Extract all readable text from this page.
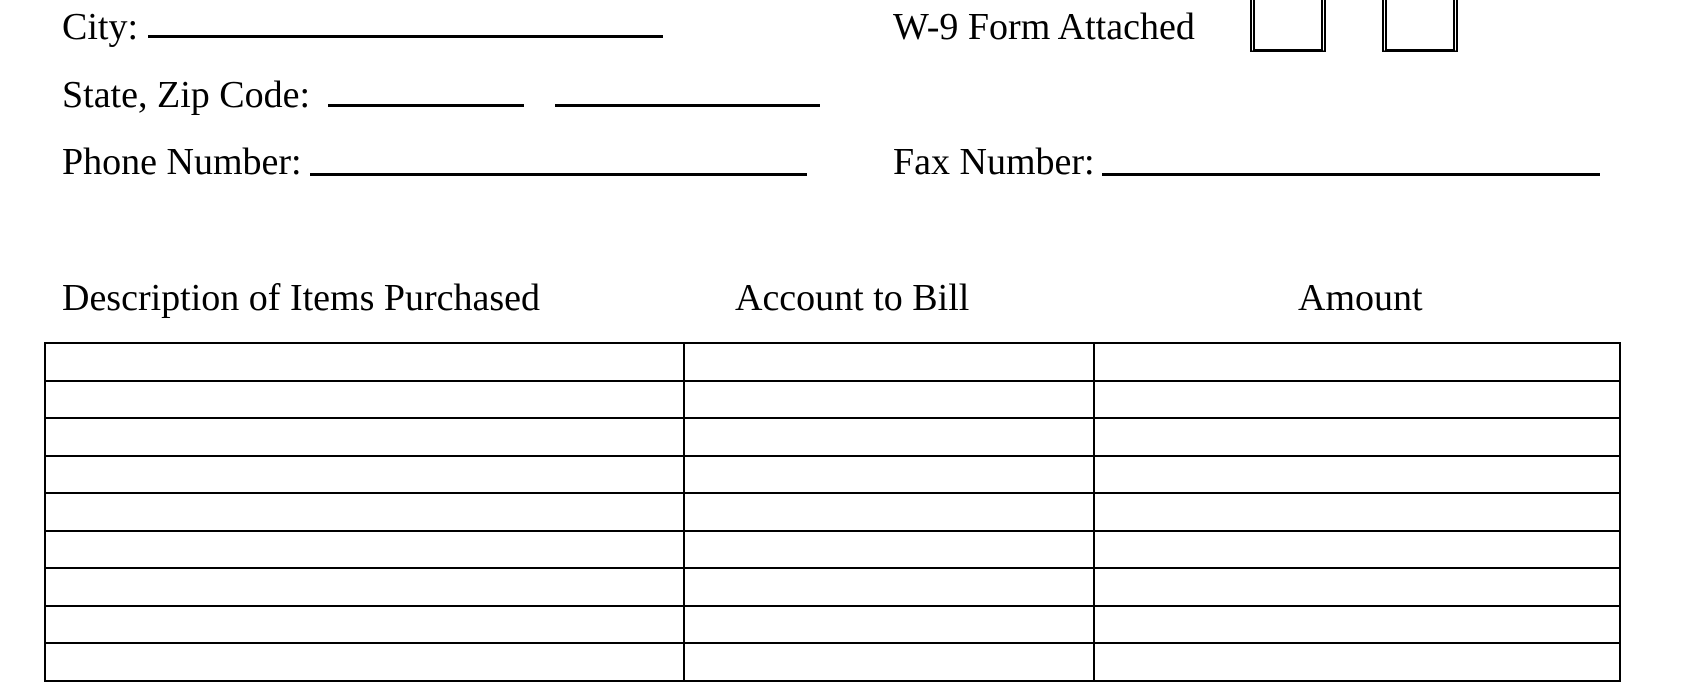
City:	W-9 Form Attached
State, Zip Code:
Phone Number:	Fax Number:
Description of Items Purchased	Account to Bill	Amount
